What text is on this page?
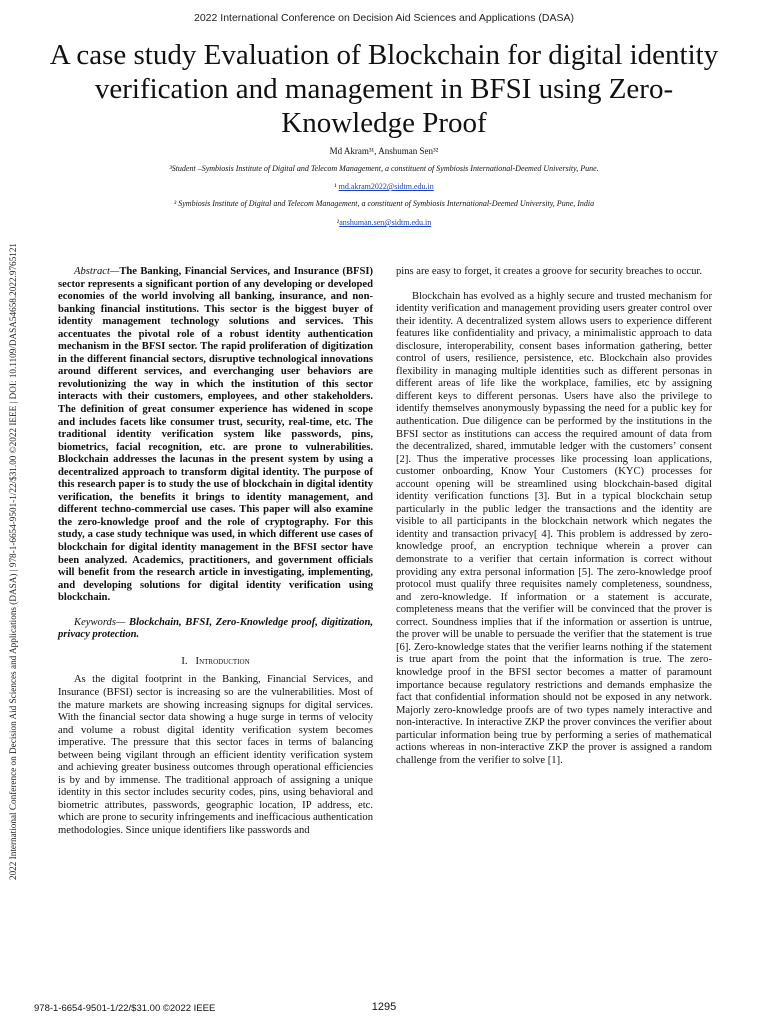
2022 International Conference on Decision Aid Sciences and Applications (DASA)
A case study Evaluation of Blockchain for digital identity verification and management in BFSI using Zero-Knowledge Proof
Md Akram³¹, Anshuman Sen³²
³Student –Symbiosis Institute of Digital and Telecom Management, a constituent of Symbiosis International-Deemed University, Pune.
¹ md.akram2022@sidtm.edu.in
³ Symbiosis Institute of Digital and Telecom Management, a constituent of Symbiosis International-Deemed University, Pune, India
²anshuman.sen@sidtm.edu.in
2022 International Conference on Decision Aid Sciences and Applications (DASA) | 978-1-6654-9501-1/22/$31.00 ©2022 IEEE | DOI: 10.1109/DASA54658.2022.9765121	Abstract—The Banking, Financial Services, and Insurance (BFSI) sector represents a significant portion of any developing or developed economies of the world involving all banking, insurance, and non-banking financial institutions. This sector is the biggest buyer of identity management technology solutions and services. This accentuates the pivotal role of a robust identity authentication mechanism in the BFSI sector. The rapid proliferation of digitization in the different financial sectors, disruptive technological innovations around different services, and everchanging user behaviors are revolutionizing the way in which the institution of this sector interacts with their customers, employees, and other stakeholders. The definition of great consumer experience has widened in scope and includes facets like consumer trust, security, real-time, etc. The traditional identity verification system like passwords, pins, biometrics, facial recognition, etc. are prone to vulnerabilities. Blockchain addresses the lacunas in the present system by using a decentralized approach to transform digital identity. The purpose of this research paper is to study the use of blockchain in digital identity verification, the benefits it brings to identity management, and different techno-commercial use cases. This paper will also examine the zero-knowledge proof and the role of cryptography. For this study, a case study technique was used, in which different use cases of blockchain for digital identity management in the BFSI sector have been analyzed. Academics, practitioners, and government officials will benefit from the research article in investigating, implementing, and developing solutions for digital identity verification using blockchain.

Keywords— Blockchain, BFSI, Zero-Knowledge proof, digitization, privacy protection.

I. Introduction

As the digital footprint in the Banking, Financial Services, and Insurance (BFSI) sector is increasing so are the vulnerabilities. Most of the mature markets are showing increasing signups for digital services. With the financial sector data showing a huge surge in terms of velocity and volume a robust digital identity verification system becomes imperative. The pressure that this sector faces in terms of balancing between being vigilant through an efficient identity verification system and achieving greater business outcomes through operational efficiencies is by and by immense. The traditional approach of assigning a unique identity in this sector includes security codes, pins, using behavioral and biometric attributes, passwords, geographic location, IP address, etc. which are prone to security infringements and inefficacious authentication methodologies. Since unique identifiers like passwords and

pins are easy to forget, it creates a groove for security breaches to occur.

Blockchain has evolved as a highly secure and trusted mechanism for identity verification and management providing users greater control over their identity. A decentralized system allows users to experience different features like confidentiality and privacy, a minimalistic approach to data disclosure, interoperability, consent bases information gathering, better control of users, resilience, persistence, etc. Blockchain also provides flexibility in managing multiple identities such as different personas in different areas of life like the workplace, families, etc by assigning different keys to different personas. Users have also the privilege to identify themselves anonymously bypassing the need for a public key for authentication. Due diligence can be performed by the institutions in the BFSI sector as institutions can access the required amount of data from the decentralized, shared, immutable ledger with the customers’ consent [2]. Thus the imperative processes like processing loan applications, customer onboarding, Know Your Customers (KYC) processes for account opening will be streamlined using blockchain-based digital identity verification functions [3]. But in a typical blockchain setup particularly in the public ledger the transactions and the identity are visible to all participants in the blockchain network which negates the identity and transaction privacy[ 4]. This problem is addressed by zero-knowledge proof, an encryption technique wherein a prover can demonstrate to a verifier that certain information is correct without providing any extra personal information [5]. The zero-knowledge proof protocol must qualify three requisites namely completeness, soundness, and zero-knowledge. If information or a statement is accurate, completeness means that the verifier will be convinced that the prover is correct. Soundness implies that if the information or assertion is untrue, the prover will be unable to persuade the verifier that the statement is true [6]. Zero-knowledge states that the verifier learns nothing if the statement is true apart from the point that the information is true. The zero-knowledge proof in the BFSI sector becomes a matter of paramount importance because regulatory restrictions and demands emphasize the fact that confidential information should not be exposed in any network. Majorly zero-knowledge proofs are of two types namely interactive and non-interactive. In interactive ZKP the prover convinces the verifier about particular information being true by performing a series of mathematical actions whereas in non-interactive ZKP the prover is assigned a random challenge from the verifier to solve [1].

978-1-6654-9501-1/22/$31.00 ©2022 IEEE	1295
